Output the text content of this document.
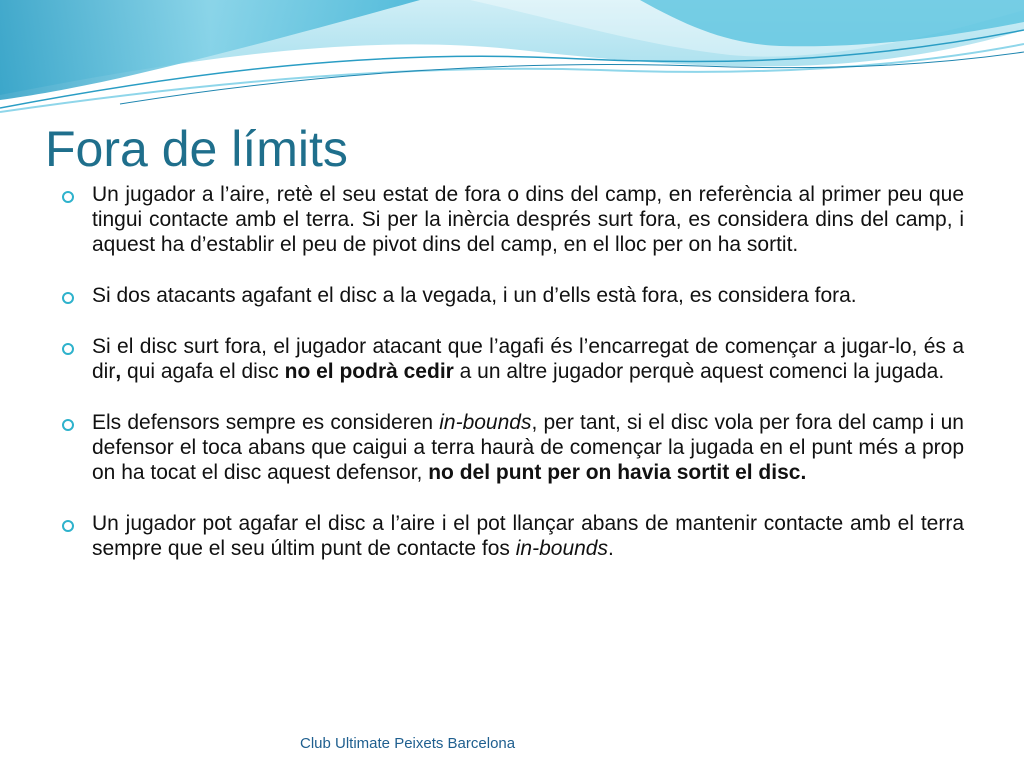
Fora de límits
Un jugador a l’aire, retè el seu estat de fora o dins del camp, en referència al primer peu que tingui contacte amb el terra. Si per la inèrcia després surt fora, es considera dins del camp, i aquest ha d’establir el peu de pivot dins del camp, en el lloc per on ha sortit.
Si dos atacants agafant el disc a la vegada, i un d’ells està fora, es considera fora.
Si el disc surt fora, el jugador atacant que l’agafi és l’encarregat de començar a jugar-lo, és a dir, qui agafa el disc no el podrà cedir a un altre jugador perquè aquest comenci la jugada.
Els defensors sempre es consideren in-bounds, per tant, si el disc vola per fora del camp i un defensor el toca abans que caigui a terra haurà de començar la jugada en el punt més a prop on ha tocat el disc aquest defensor, no del punt per on havia sortit el disc.
Un jugador pot agafar el disc a l’aire i el pot llançar abans de mantenir contacte amb el terra sempre que el seu últim punt de contacte fos in-bounds.
Club Ultimate Peixets Barcelona
